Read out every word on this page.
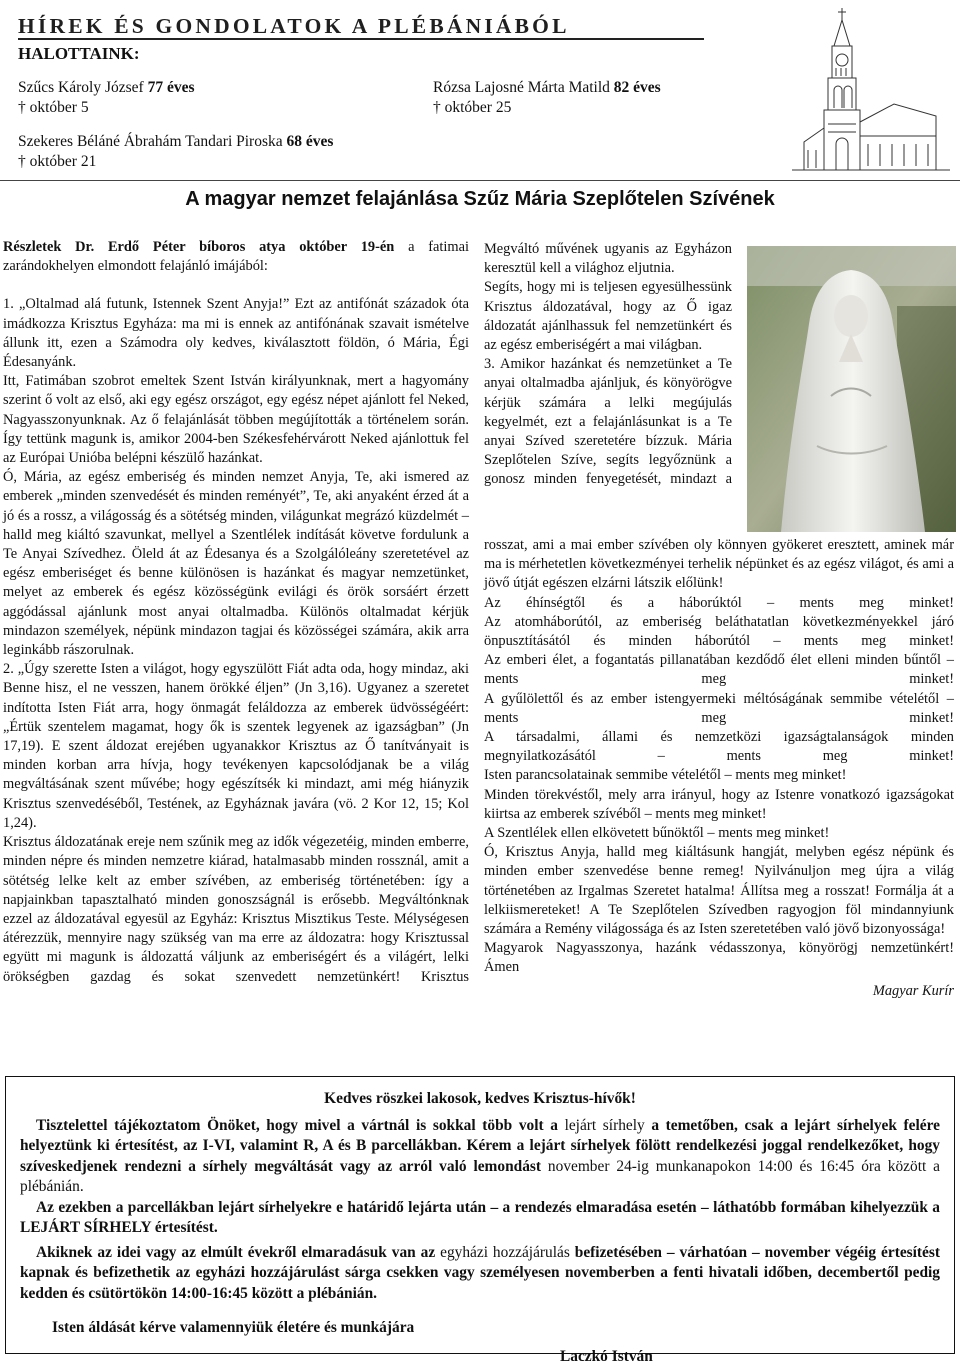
HÍREK ÉS GONDOLATOK A PLÉBÁNIÁBÓL
HALOTTAINK:
Szűcs Károly József 77 éves
† október 5
Rózsa Lajosné Márta Matild 82 éves
† október 25
Szekeres Béláné Ábrahám Tandari Piroska 68 éves
† október 21
A magyar nemzet felajánlása Szűz Mária Szeplőtelen Szívének

Részletek Dr. Erdő Péter bíboros atya október 19-én a fatimai zarándokhelyen elmondott felajánló imájából:

1. „Oltalmad alá futunk, Istennek Szent Anyja!” Ezt az antifónát századok óta imádkozza Krisztus Egyháza: ma mi is ennek az antifónának szavait ismételve állunk itt, ezen a Számodra oly kedves, kiválasztott földön, ó Mária, Égi Édesanyánk.

Itt, Fatimában szobrot emeltek Szent István királyunknak, mert a hagyomány szerint ő volt az első, aki egy egész országot, egy egész népet ajánlott fel Neked, Nagyasszonyunknak. Az ő felajánlását többen megújították a történelem során. Így tettünk magunk is, amikor 2004-ben Székesfehérvárott Neked ajánlottuk fel az Európai Unióba belépni készülő hazánkat.

Ó, Mária, az egész emberiség és minden nemzet Anyja, Te, aki ismered az emberek „minden szenvedését és minden reményét”, Te, aki anyaként érzed át a jó és a rossz, a világosság és a sötétség minden, világunkat megrázó küzdelmét – halld meg kiáltó szavunkat, mellyel a Szentlélek indítását követve fordulunk a Te Anyai Szívedhez. Öleld át az Édesanya és a Szolgálóleány szeretetével az egész emberiséget és benne különösen is hazánkat és magyar nemzetünket, melyet az emberek és egész közösségünk evilági és örök sorsáért érzett aggódással ajánlunk most anyai oltalmadba. Különös oltalmadat kérjük mindazon személyek, népünk mindazon tagjai és közösségei számára, akik arra leginkább rászorulnak.

2. „Úgy szerette Isten a világot, hogy egyszülött Fiát adta oda, hogy mindaz, aki Benne hisz, el ne vesszen, hanem örökké éljen” (Jn 3,16). Ugyanez a szeretet indította Isten Fiát arra, hogy önmagát feláldozza az emberek üdvösségéért: „Értük szentelem magamat, hogy ők is szentek legyenek az igazságban” (Jn 17,19). E szent áldozat erejében ugyanakkor Krisztus az Ő tanítványait is minden korban arra hívja, hogy tevékenyen kapcsolódjanak be a világ megváltásának szent művébe; hogy egészítsék ki mindazt, ami még hiányzik Krisztus szenvedéséből, Testének, az Egyháznak javára (vö. 2 Kor 12, 15; Kol 1,24).

Krisztus áldozatának ereje nem szűnik meg az idők végezetéig, minden emberre, minden népre és minden nemzetre kiárad, hatalmasabb minden rossznál, amit a sötétség lelke kelt az ember szívében, az emberiség történetében: így a napjainkban tapasztalható minden gonoszságnál is erősebb. Megváltónknak ezzel az áldozatával egyesül az Egyház: Krisztus Misztikus Teste. Mélységesen átérezzük, mennyire nagy szükség van ma erre az áldozatra: hogy Krisztussal együtt mi magunk is áldozattá váljunk az emberiségért és a világért, lelki örökségben gazdag és sokat szenvedett nemzetünkért! Krisztus

Megváltó művének ugyanis az Egyházon keresztül kell a világhoz eljutnia.

Segíts, hogy mi is teljesen egyesülhessünk Krisztus áldozatával, hogy az Ő igaz áldozatát ajánlhassuk fel nemzetünkért és az egész emberiségért a mai világban.

3. Amikor hazánkat és nemzetünket a Te anyai oltalmadba ajánljuk, és könyörögve kérjük számára a lelki megújulás kegyelmét, ezt a felajánlásunkat is a Te anyai Szíved szeretetére bízzuk. Mária Szeplőtelen Szíve, segíts legyőznünk a gonosz minden fenyegetését, mindazt a

rosszat, ami a mai ember szívében oly könnyen gyökeret eresztett, aminek már ma is mérhetetlen következményei terhelik népünket és az egész világot, és ami a jövő útját egészen elzárni látszik előlünk!

Az éhínségtől és a háborúktól – ments meg minket!

Az atomháborútól, az emberiség beláthatatlan következményekkel járó önpusztításától és minden háborútól – ments meg minket!

Az emberi élet, a fogantatás pillanatában kezdődő élet elleni minden bűntől – ments meg minket!

A gyűlölettől és az ember istengyermeki méltóságának semmibe vételétől – ments meg minket!

A társadalmi, állami és nemzetközi igazságtalanságok minden megnyilatkozásától – ments meg minket!

Isten parancsolatainak semmibe vételétől – ments meg minket!

Minden törekvéstől, mely arra irányul, hogy az Istenre vonatkozó igazságokat kiirtsa az emberek szívéből – ments meg minket!

A Szentlélek ellen elkövetett bűnöktől – ments meg minket!

Ó, Krisztus Anyja, halld meg kiáltásunk hangját, melyben egész népünk és minden ember szenvedése benne remeg! Nyilvánuljon meg újra a világ történetében az Irgalmas Szeretet hatalma! Állítsa meg a rosszat! Formálja át a lelkiismereteket! A Te Szeplőtelen Szívedben ragyogjon föl mindannyiunk számára a Remény világossága és az Isten szeretetében való jövő bizonyossága!

Magyarok Nagyasszonya, hazánk védasszonya, könyörögj nemzetünkért!

Ámen

Magyar Kurír

Kedves röszkei lakosok, kedves Krisztus-hívők!

Tisztelettel tájékoztatom Önöket, hogy mivel a vártnál is sokkal több volt a lejárt sírhely a temetőben, csak a lejárt sírhelyek felére helyeztünk ki értesítést, az I-VI, valamint R, A és B parcellákban. Kérem a lejárt sírhelyek fölött rendelkezési joggal rendelkezőket, hogy szíveskedjenek rendezni a sírhely megváltását vagy az arról való lemondást november 24-ig munkanapokon 14:00 és 16:45 óra között a plébánián.

Az ezekben a parcellákban lejárt sírhelyekre e határidő lejárta után – a rendezés elmaradása esetén – láthatóbb formában kihelyezzük a LEJÁRT SÍRHELY értesítést.

Akiknek az idei vagy az elmúlt évekről elmaradásuk van az egyházi hozzájárulás befizetésében – várhatóan – november végéig értesítést kapnak és befizethetik az egyházi hozzájárulást sárga csekken vagy személyesen novemberben a fenti hivatali időben, decembertől pedig kedden és csütörtökön 14:00-16:45 között a plébánián.

Isten áldását kérve valamennyiük életére és munkájára

Laczkó István
